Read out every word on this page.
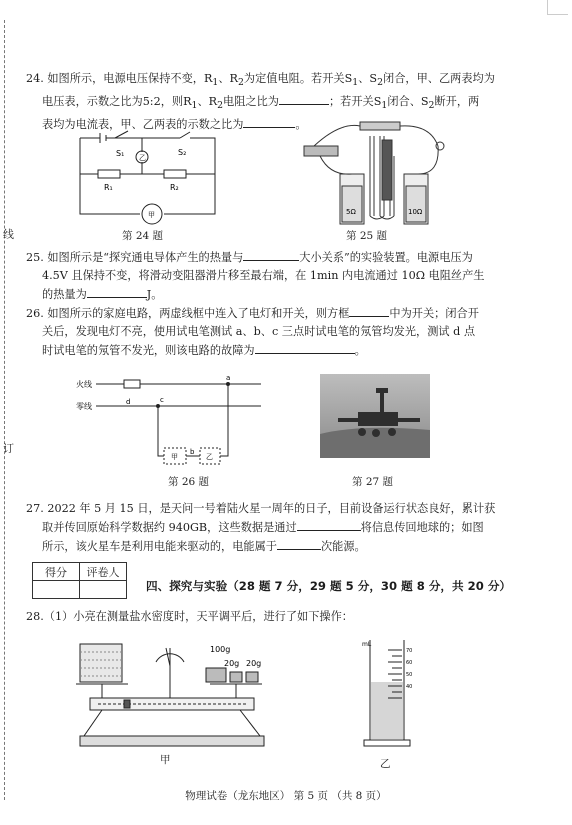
线
订
24. 如图所示，电源电压保持不变，$R_1$、$R_2$为定值电阻。若开关$S_1$、$S_2$闭合，甲、乙两表均为
电压表，示数之比为5:2，则$R_1$、$R_2$电阻之比为	；若开关$S_1$闭合、$S_2$断开，两
表均为电流表，甲、乙两表的示数之比为	。
S₁	S₂
乙
R₁	R₂
甲
第 24 题
5Ω	10Ω
第 25 题
25. 如图所示是“探究通电导体产生的热量与	大小关系”的实验装置。电源电压为
4.5V 且保持不变，将滑动变阻器滑片移至最右端，在 1min 内电流通过 10Ω 电阻丝产生
的热量为	J。
26. 如图所示的家庭电路，两虚线框中连入了电灯和开关，则方框	中为开关；闭合开
关后，发现电灯不亮，使用试电笔测试 a、b、c 三点时试电笔的氖管均发光，测试 d 点
时试电笔的氖管不发光，则该电路的故障为	。
火线
零线
a
b
c
d
甲	乙
第 26 题	第 27 题
27. 2022 年 5 月 15 日，是天问一号着陆火星一周年的日子，目前设备运行状态良好，累计获
取并传回原始科学数据约 940GB，这些数据是通过	将信息传回地球的；如图
所示，该火星车是利用电能来驱动的，电能属于	次能源。
得分	评卷人

四、探究与实验（28 题 7 分，29 题 5 分，30 题 8 分，共 20 分）
28.（1）小亮在测量盐水密度时，天平调平后，进行了如下操作：
100g
20g 20g
甲
mL
70
60
50
40
乙
物理试卷（龙东地区） 第 5 页 （共 8 页）
